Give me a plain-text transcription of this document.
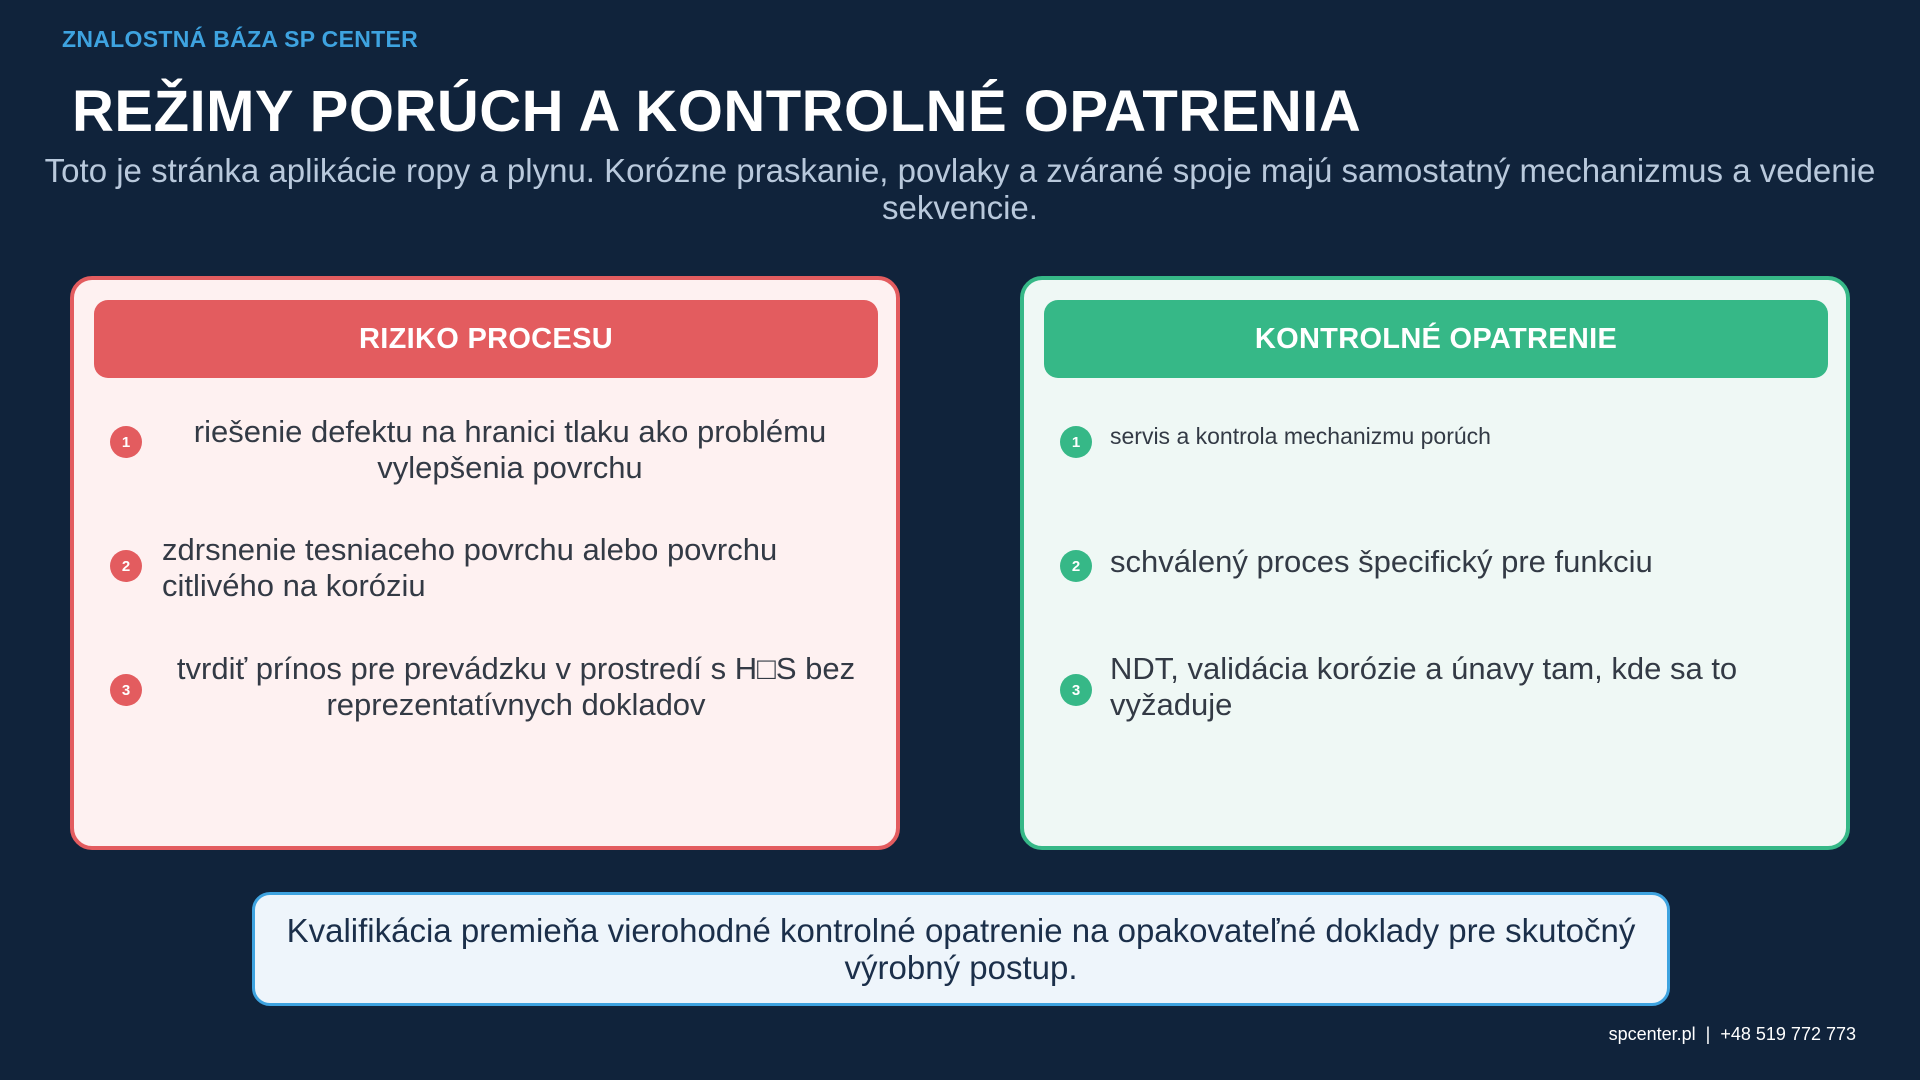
ZNALOSTNÁ BÁZA SP CENTER
REŽIMY PORÚCH A KONTROLNÉ OPATRENIA
Toto je stránka aplikácie ropy a plynu. Korózne praskanie, povlaky a zvárané spoje majú samostatný mechanizmus a vedenie sekvencie.
RIZIKO PROCESU
1	riešenie defektu na hranici tlaku ako problému vylepšenia povrchu
2	zdrsnenie tesniaceho povrchu alebo povrchu citlivého na koróziu
3
tvrdiť prínos pre prevádzku v prostredí s H□S bez reprezentatívnych dokladov
KONTROLNÉ OPATRENIE
1	servis a kontrola mechanizmu porúch
2 schválený proces špecifický pre funkciu
3
NDT, validácia korózie a únavy tam, kde sa to vyžaduje
Kvalifikácia premieňa vierohodné kontrolné opatrenie na opakovateľné doklady pre skutočný výrobný postup.
spcenter.pl  |  +48 519 772 773
